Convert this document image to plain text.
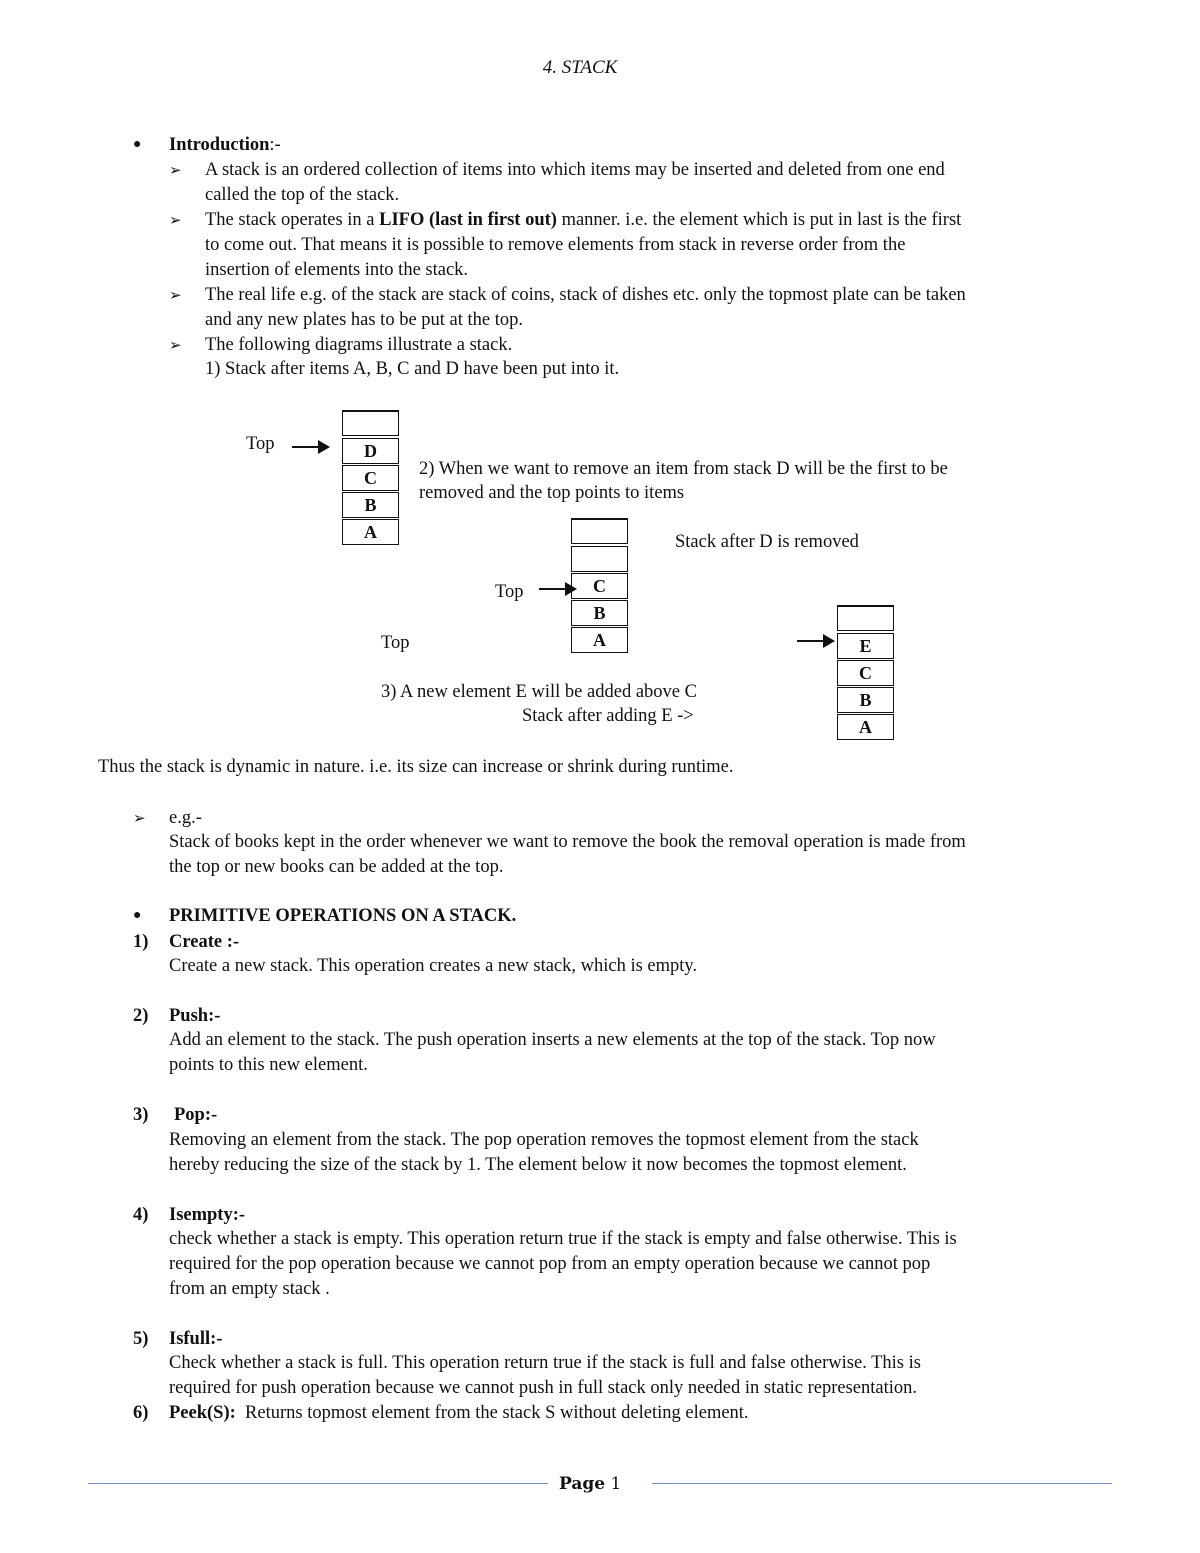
4. STACK
● Introduction:-
➢ A stack is an ordered collection of items into which items may be inserted and deleted from one end
called the top of the stack.
➢ The stack operates in a LIFO (last in first out) manner. i.e. the element which is put in last is the first
to come out. That means it is possible to remove elements from stack in reverse order from the
insertion of elements into the stack.
➢ The real life e.g. of the stack are stack of coins, stack of dishes etc. only the topmost plate can be taken
and any new plates has to be put at the top.
➢ The following diagrams illustrate a stack.
1) Stack after items A, B, C and D have been put into it.
Top	D
C
B
A
2) When we want to remove an item from stack D will be the first to be
removed and the top points to items
Stack after D is removed
Top	C
B
A
Top	E
C
B
A
3) A new element E will be added above C
Stack after adding E ->
Thus the stack is dynamic in nature. i.e. its size can increase or shrink during runtime.
➢ e.g.-
Stack of books kept in the order whenever we want to remove the book the removal operation is made from
the top or new books can be added at the top.
● PRIMITIVE OPERATIONS ON A STACK.
1) Create :-
Create a new stack. This operation creates a new stack, which is empty.
2) Push:-
Add an element to the stack. The push operation inserts a new elements at the top of the stack. Top now
points to this new element.
3) Pop:-
Removing an element from the stack. The pop operation removes the topmost element from the stack
hereby reducing the size of the stack by 1. The element below it now becomes the topmost element.
4) Isempty:-
check whether a stack is empty. This operation return true if the stack is empty and false otherwise. This is
required for the pop operation because we cannot pop from an empty operation because we cannot pop
from an empty stack .
5) Isfull:-
Check whether a stack is full. This operation return true if the stack is full and false otherwise. This is
required for push operation because we cannot push in full stack only needed in static representation.
6) Peek(S): Returns topmost element from the stack S without deleting element.
Page 1
